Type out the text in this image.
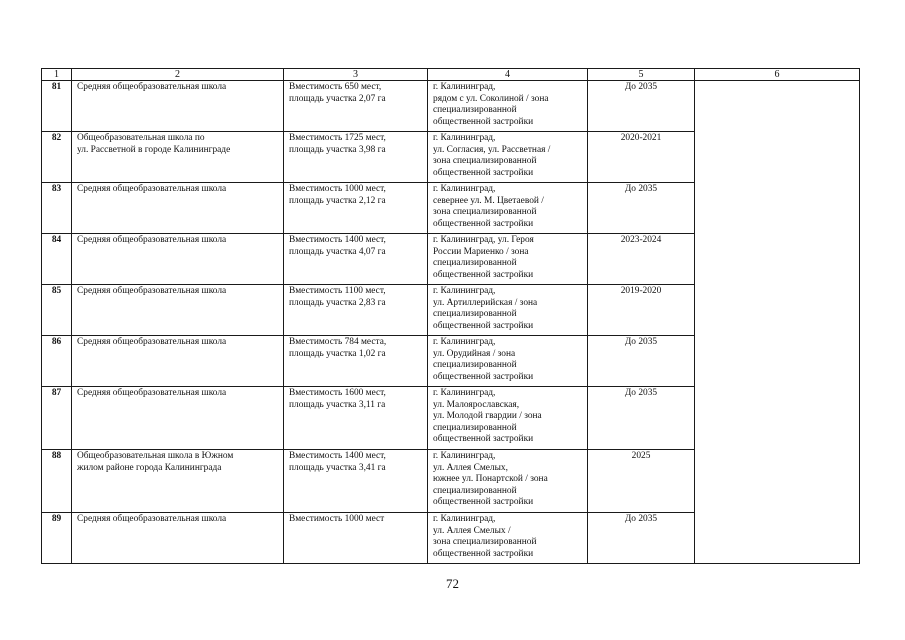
1	2	3	4	5	6
81	Средняя общеобразовательная школа	Вместимость 650 мест,
площадь участка 2,07 га	г. Калининград,
рядом с ул. Соколиной / зона
специализированной
общественной застройки	До 2035	
82	Общеобразовательная школа по
ул. Рассветной в городе Калининграде	Вместимость 1725 мест,
площадь участка 3,98 га	г. Калининград,
ул. Согласия, ул. Рассветная /
зона специализированной
общественной застройки	2020-2021	
83	Средняя общеобразовательная школа	Вместимость 1000 мест,
площадь участка 2,12 га	г. Калининград,
севернее ул. М. Цветаевой /
зона специализированной
общественной застройки	До 2035	
84	Средняя общеобразовательная школа	Вместимость 1400 мест,
площадь участка 4,07 га	г. Калининград, ул. Героя
России Мариенко / зона
специализированной
общественной застройки	2023-2024	
85	Средняя общеобразовательная школа	Вместимость 1100 мест,
площадь участка 2,83 га	г. Калининград,
ул. Артиллерийская / зона
специализированной
общественной застройки	2019-2020	
86	Средняя общеобразовательная школа	Вместимость 784 места,
площадь участка 1,02 га	г. Калининград,
ул. Орудийная / зона
специализированной
общественной застройки	До 2035	
87	Средняя общеобразовательная школа	Вместимость 1600 мест,
площадь участка 3,11 га	г. Калининград,
ул. Малоярославская,
ул. Молодой гвардии / зона
специализированной
общественной застройки	До 2035	
88	Общеобразовательная школа в Южном
жилом районе города Калининграда	Вместимость 1400 мест,
площадь участка 3,41 га	г. Калининград,
ул. Аллея Смелых,
южнее ул. Понартской / зона
специализированной
общественной застройки	2025	
89	Средняя общеобразовательная школа	Вместимость 1000 мест	г. Калининград,
ул. Аллея Смелых /
зона специализированной
общественной застройки	До 2035	
72
